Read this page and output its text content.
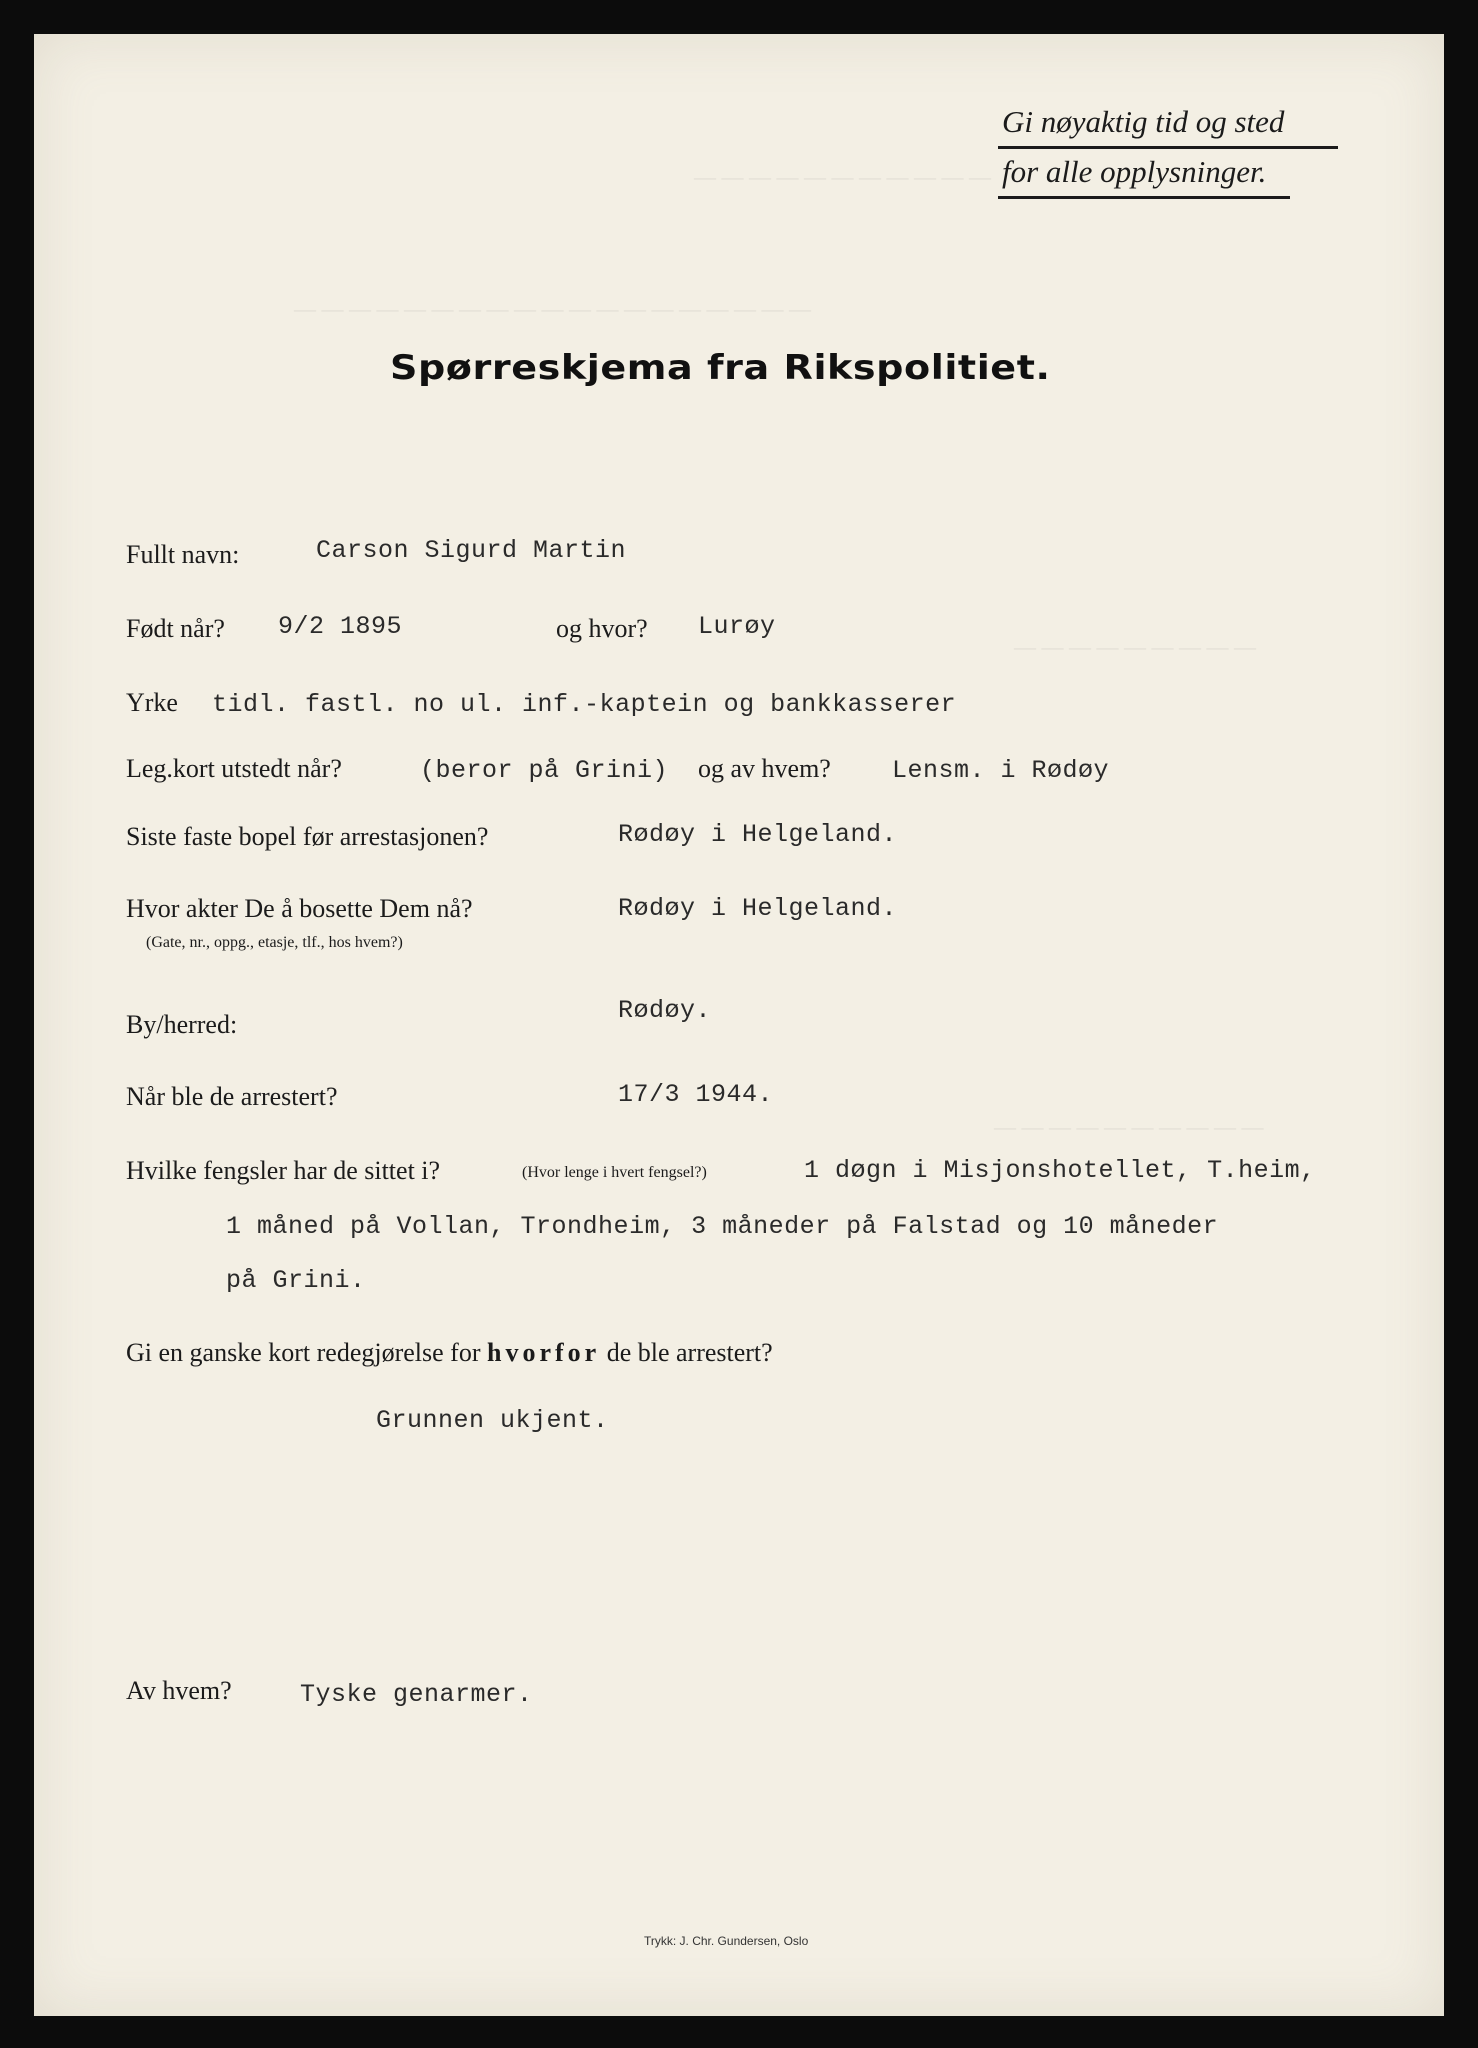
— — — — — — — — — — —
— — — — — — — — — — — — — — — — — — —
— — — — — — — — —
— — — — — — — — — —
Gi nøyaktig tid og sted
for alle opplysninger.
Spørreskjema fra Rikspolitiet.
Fullt navn:	Carson Sigurd Martin
Født når? 9/2 1895	og hvor? Lurøy
Yrke tidl. fastl. no ul. inf.-kaptein og bankkasserer
Leg.kort utstedt når?	(beror på Grini) og av hvem? Lensm. i Rødøy
Siste faste bopel før arrestasjonen?	Rødøy i Helgeland.
Hvor akter De å bosette Dem nå?
(Gate, nr., oppg., etasje, tlf., hos hvem?)
Rødøy i Helgeland.
By/herred:	Rødøy.
Når ble de arrestert?	17/3 1944.
Hvilke fengsler har de sittet i?	(Hvor lenge i hvert fengsel?)	1 døgn i Misjonshotellet, T.heim,
1 måned på Vollan, Trondheim, 3 måneder på Falstad og 10 måneder
på Grini.
Gi en ganske kort redegjørelse for hvorfor de ble arrestert?
Grunnen ukjent.
Av hvem?	Tyske genarmer.
Trykk: J. Chr. Gundersen, Oslo
